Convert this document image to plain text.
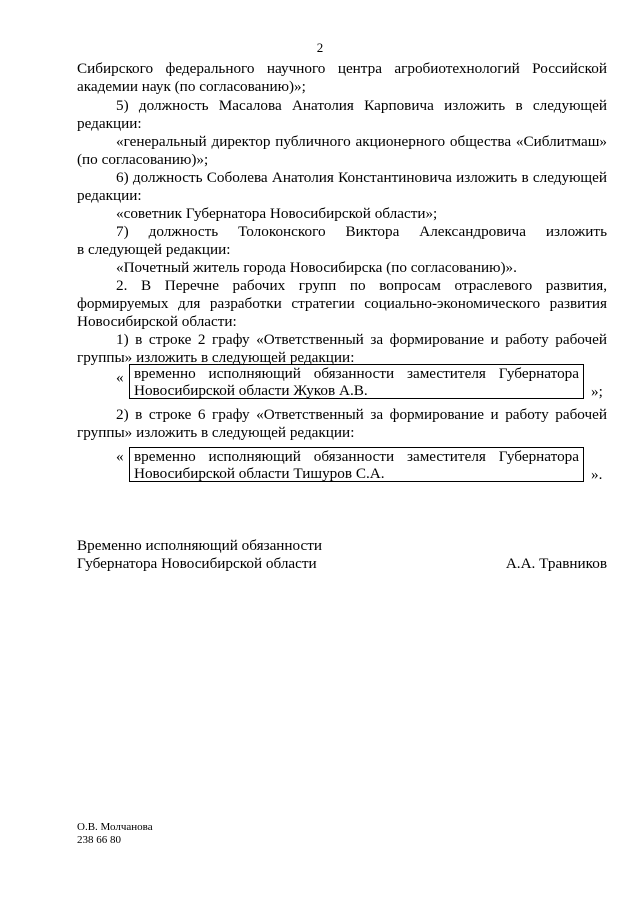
2
Сибирского федерального научного центра агробиотехнологий Российской
академии наук (по согласованию)»;
5) должность Масалова Анатолия Карповича изложить в следующей
редакции:
«генеральный директор публичного акционерного общества «Сиблитмаш»
(по согласованию)»;
6) должность Соболева Анатолия Константиновича изложить в следующей
редакции:
«советник Губернатора Новосибирской области»;
7) должность Толоконского Виктора Александровича изложить
в следующей редакции:
«Почетный житель города Новосибирска (по согласованию)».
2. В Перечне рабочих групп по вопросам отраслевого развития,
формируемых для разработки стратегии социально-экономического развития
Новосибирской области:
1) в строке 2 графу «Ответственный за формирование и работу рабочей
группы» изложить в следующей редакции:
« временно исполняющий обязанности заместителя Губернатора
Новосибирской области Жуков А.В.	»;
2) в строке 6 графу «Ответственный за формирование и работу рабочей
группы» изложить в следующей редакции:
« временно исполняющий обязанности заместителя Губернатора
Новосибирской области Тишуров С.А.	».
Временно исполняющий обязанности
Губернатора Новосибирской области	А.А. Травников
О.В. Молчанова
238 66 80
